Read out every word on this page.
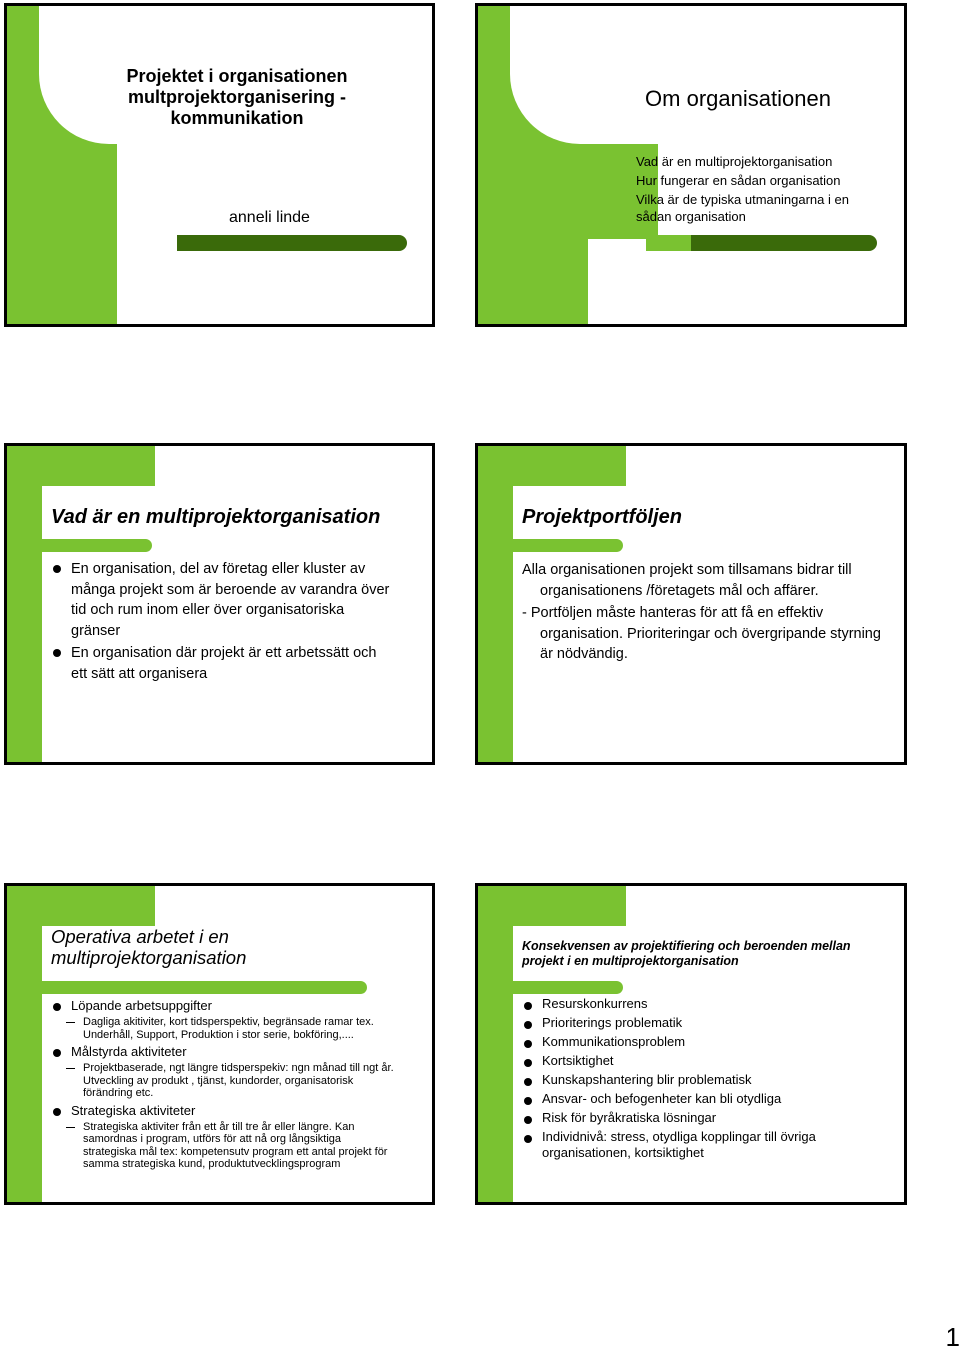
Projektet i organisationen multprojektorganisering - kommunikation
anneli linde
Om organisationen
Vad är en multiprojektorganisation
Hur fungerar en sådan organisation
Vilka är de typiska utmaningarna i en
sådan organisation
Vad är en multiprojektorganisation
En organisation, del av företag eller kluster av många projekt som är beroende av varandra över tid och rum inom eller över organisatoriska gränser
En organisation där projekt är ett arbetssätt och ett sätt att organisera
Projektportföljen

Alla organisationen projekt som tillsamans bidrar till organisationens /företagets mål och affärer.

- Portföljen måste hanteras för att få en effektiv organisation. Prioriteringar och övergripande styrning är nödvändig.

Operativa arbetet i en multiprojektorganisation
Löpande arbetsuppgifter
Dagliga akitiviter, kort tidsperspektiv, begränsade ramar tex. Underhåll, Support, Produktion i stor serie, bokföring,....
Målstyrda aktiviteter
Projektbaserade, ngt längre tidsperspekiv: ngn månad till ngt år. Utveckling av produkt , tjänst, kundorder, organisatorisk förändring etc.
Strategiska aktiviteter
Strategiska aktiviter från ett år till tre år eller längre. Kan samordnas i program, utförs för att nå org långsiktiga strategiska mål tex: kompetensutv program ett antal projekt för samma strategiska kund, produktutvecklingsprogram
Konsekvensen av projektifiering och beroenden mellan projekt i en multiprojektorganisation
Resurskonkurrens
Prioriterings problematik
Kommunikationsproblem
Kortsiktighet
Kunskapshantering blir problematisk
Ansvar- och befogenheter kan bli otydliga
Risk för byråkratiska lösningar
Individnivå: stress, otydliga kopplingar till övriga organisationen, kortsiktighet
1
